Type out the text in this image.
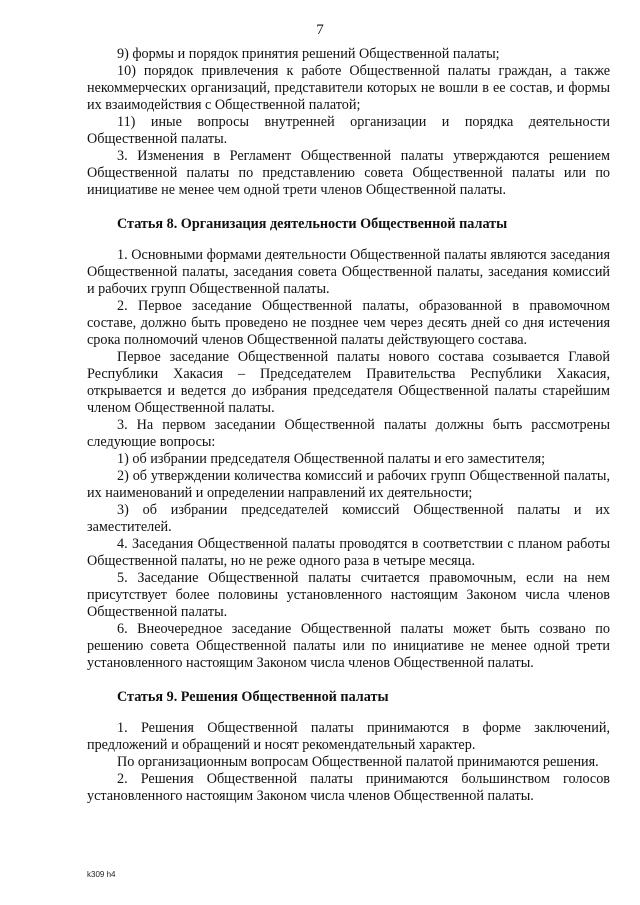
7

9) формы и порядок принятия решений Общественной палаты;

10) порядок привлечения к работе Общественной палаты граждан, а также некоммерческих организаций, представители которых не вошли в ее состав, и формы их взаимодействия с Общественной палатой;

11) иные вопросы внутренней организации и порядка деятельности Общественной палаты.

3. Изменения в Регламент Общественной палаты утверждаются решением Общественной палаты по представлению совета Общественной палаты или по инициативе не менее чем одной трети членов Общественной палаты.

Статья 8. Организация деятельности Общественной палаты

1. Основными формами деятельности Общественной палаты являются заседания Общественной палаты, заседания совета Общественной палаты, заседания комиссий и рабочих групп Общественной палаты.

2. Первое заседание Общественной палаты, образованной в правомочном составе, должно быть проведено не позднее чем через десять дней со дня истечения срока полномочий членов Общественной палаты действующего состава.

Первое заседание Общественной палаты нового состава созывается Главой Республики Хакасия – Председателем Правительства Республики Хакасия, открывается и ведется до избрания председателя Общественной палаты старейшим членом Общественной палаты.

3. На первом заседании Общественной палаты должны быть рассмотрены следующие вопросы:

1) об избрании председателя Общественной палаты и его заместителя;

2) об утверждении количества комиссий и рабочих групп Общественной палаты, их наименований и определении направлений их деятельности;

3) об избрании председателей комиссий Общественной палаты и их заместителей.

4. Заседания Общественной палаты проводятся в соответствии с планом работы Общественной палаты, но не реже одного раза в четыре месяца.

5. Заседание Общественной палаты считается правомочным, если на нем присутствует более половины установленного настоящим Законом числа членов Общественной палаты.

6. Внеочередное заседание Общественной палаты может быть созвано по решению совета Общественной палаты или по инициативе не менее одной трети установленного настоящим Законом числа членов Общественной палаты.

Статья 9. Решения Общественной палаты

1. Решения Общественной палаты принимаются в форме заключений, предложений и обращений и носят рекомендательный характер.

По организационным вопросам Общественной палатой принимаются решения.

2. Решения Общественной палаты принимаются большинством голосов установленного настоящим Законом числа членов Общественной палаты.

k309 h4
